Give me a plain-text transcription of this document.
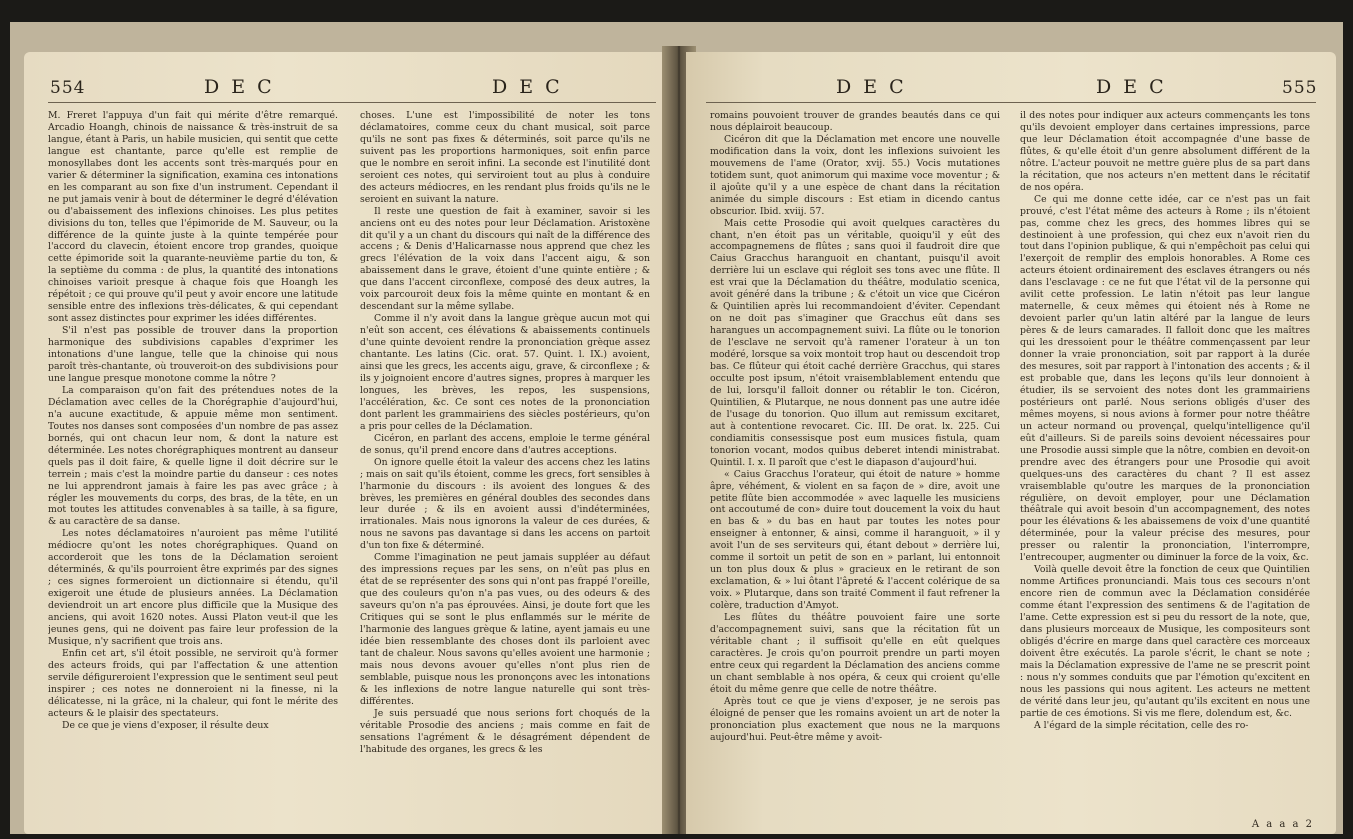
554	D E C	D E C

M. Freret l'appuya d'un fait qui mérite d'être remarqué. Arcadio Hoangh, chinois de naissance & très-instruit de sa langue, étant à Paris, un habile musicien, qui sentit que cette langue est chantante, parce qu'elle est remplie de monosyllabes dont les accents sont très-marqués pour en varier & déterminer la signification, examina ces intonations en les comparant au son fixe d'un instrument. Cependant il ne put jamais venir à bout de déterminer le degré d'élévation ou d'abaissement des inflexions chinoises. Les plus petites divisions du ton, telles que l'épimoride de M. Sauveur, ou la différence de la quinte juste à la quinte tempérée pour l'accord du clavecin, étoient encore trop grandes, quoique cette épimoride soit la quarante-neuvième partie du ton, & la septième du comma : de plus, la quantité des intonations chinoises varioit presque à chaque fois que Hoangh les répétoit ; ce qui prouve qu'il peut y avoir encore une latitude sensible entre des inflexions très-délicates, & qui cependant sont assez distinctes pour exprimer les idées différentes.

S'il n'est pas possible de trouver dans la proportion harmonique des subdivisions capables d'exprimer les intonations d'une langue, telle que la chinoise qui nous paroît très-chantante, où trouveroit-on des subdivisions pour une langue presque monotone comme la nôtre ?

La comparaison qu'on fait des prétendues notes de la Déclamation avec celles de la Chorégraphie d'aujourd'hui, n'a aucune exactitude, & appuie même mon sentiment. Toutes nos danses sont composées d'un nombre de pas assez bornés, qui ont chacun leur nom, & dont la nature est déterminée. Les notes chorégraphiques montrent au danseur quels pas il doit faire, & quelle ligne il doit décrire sur le terrein ; mais c'est la moindre partie du danseur : ces notes ne lui apprendront jamais à faire les pas avec grâce ; à régler les mouvements du corps, des bras, de la tête, en un mot toutes les attitudes convenables à sa taille, à sa figure, & au caractère de sa danse.

Les notes déclamatoires n'auroient pas même l'utilité médiocre qu'ont les notes chorégraphiques. Quand on accorderoit que les tons de la Déclamation seroient déterminés, & qu'ils pourroient être exprimés par des signes ; ces signes formeroient un dictionnaire si étendu, qu'il exigeroit une étude de plusieurs années. La Déclamation deviendroit un art encore plus difficile que la Musique des anciens, qui avoit 1620 notes. Aussi Platon veut-il que les jeunes gens, qui ne doivent pas faire leur profession de la Musique, n'y sacrifient que trois ans.

Enfin cet art, s'il étoit possible, ne serviroit qu'à former des acteurs froids, qui par l'affectation & une attention servile défigureroient l'expression que le sentiment seul peut inspirer ; ces notes ne donneroient ni la finesse, ni la délicatesse, ni la grâce, ni la chaleur, qui font le mérite des acteurs & le plaisir des spectateurs.

De ce que je viens d'exposer, il résulte deux

choses. L'une est l'impossibilité de noter les tons déclamatoires, comme ceux du chant musical, soit parce qu'ils ne sont pas fixes & déterminés, soit parce qu'ils ne suivent pas les proportions harmoniques, soit enfin parce que le nombre en seroit infini. La seconde est l'inutilité dont seroient ces notes, qui serviroient tout au plus à conduire des acteurs médiocres, en les rendant plus froids qu'ils ne le seroient en suivant la nature.

Il reste une question de fait à examiner, savoir si les anciens ont eu des notes pour leur Déclamation. Aristoxène dit qu'il y a un chant du discours qui naît de la différence des accens ; & Denis d'Halicarnasse nous apprend que chez les grecs l'élévation de la voix dans l'accent aigu, & son abaissement dans le grave, étoient d'une quinte entière ; & que dans l'accent circonflexe, composé des deux autres, la voix parcouroit deux fois la même quinte en montant & en descendant sur la même syllabe.

Comme il n'y avoit dans la langue grèque aucun mot qui n'eût son accent, ces élévations & abaissements continuels d'une quinte devoient rendre la prononciation grèque assez chantante. Les latins (Cic. orat. 57. Quint. l. IX.) avoient, ainsi que les grecs, les accents aigu, grave, & circonflexe ; & ils y joignoient encore d'autres signes, propres à marquer les longues, les brèves, les repos, les suspensions, l'accélération, &c. Ce sont ces notes de la prononciation dont parlent les grammairiens des siècles postérieurs, qu'on a pris pour celles de la Déclamation.

Cicéron, en parlant des accens, emploie le terme général de sonus, qu'il prend encore dans d'autres acceptions.

On ignore quelle étoit la valeur des accens chez les latins ; mais on sait qu'ils étoient, comme les grecs, fort sensibles à l'harmonie du discours : ils avoient des longues & des brèves, les premières en général doubles des secondes dans leur durée ; & ils en avoient aussi d'indéterminées, irrationales. Mais nous ignorons la valeur de ces durées, & nous ne savons pas davantage si dans les accens on partoit d'un ton fixe & déterminé.

Comme l'imagination ne peut jamais suppléer au défaut des impressions reçues par les sens, on n'eût pas plus en état de se représenter des sons qui n'ont pas frappé l'oreille, que des couleurs qu'on n'a pas vues, ou des odeurs & des saveurs qu'on n'a pas éprouvées. Ainsi, je doute fort que les Critiques qui se sont le plus enflammés sur le mérite de l'harmonie des langues grèque & latine, ayent jamais eu une idée bien ressemblante des choses dont ils parloient avec tant de chaleur. Nous savons qu'elles avoient une harmonie ; mais nous devons avouer qu'elles n'ont plus rien de semblable, puisque nous les prononçons avec les intonations & les inflexions de notre langue naturelle qui sont très-différentes.

Je suis persuadé que nous serions fort choqués de la véritable Prosodie des anciens ; mais comme en fait de sensations l'agrément & le désagrément dépendent de l'habitude des organes, les grecs & les

D E C	D E C	555

romains pouvoient trouver de grandes beautés dans ce qui nous déplairoit beaucoup.

Cicéron dit que la Déclamation met encore une nouvelle modification dans la voix, dont les inflexions suivoient les mouvemens de l'ame (Orator, xvij. 55.) Vocis mutationes totidem sunt, quot animorum qui maxime voce moventur ; & il ajoûte qu'il y a une espèce de chant dans la récitation animée du simple discours : Est etiam in dicendo cantus obscurior. Ibid. xviij. 57.

Mais cette Prosodie qui avoit quelques caractères du chant, n'en étoit pas un véritable, quoiqu'il y eût des accompagnemens de flûtes ; sans quoi il faudroit dire que Caius Gracchus haranguoit en chantant, puisqu'il avoit derrière lui un esclave qui régloit ses tons avec une flûte. Il est vrai que la Déclamation du théâtre, modulatio scenica, avoit généré dans la tribune ; & c'étoit un vice que Cicéron & Quintilien après lui recommandoient d'éviter. Cependant on ne doit pas s'imaginer que Gracchus eût dans ses harangues un accompagnement suivi. La flûte ou le tonorion de l'esclave ne servoit qu'à ramener l'orateur à un ton modéré, lorsque sa voix montoit trop haut ou descendoit trop bas. Ce flûteur qui étoit caché derrière Gracchus, qui stares occulte post ipsum, n'étoit vraisemblablement entendu que de lui, lorsqu'il falloit donner ou rétablir le ton. Cicéron, Quintilien, & Plutarque, ne nous donnent pas une autre idée de l'usage du tonorion. Quo illum aut remissum excitaret, aut à contentione revocaret. Cic. III. De orat. lx. 225. Cui condiamitis consessisque post eum musices fistula, quam tonorion vocant, modos quibus deberet intendi ministrabat. Quintil. I. x. Il paroît que c'est le diapason d'aujourd'hui.

« Caius Gracchus l'orateur, qui étoit de nature » homme âpre, véhément, & violent en sa façon de » dire, avoit une petite flûte bien accommodée » avec laquelle les musiciens ont accoutumé de con» duire tout doucement la voix du haut en bas & » du bas en haut par toutes les notes pour enseigner à entonner, & ainsi, comme il haranguoit, » il y avoit l'un de ses serviteurs qui, étant debout » derrière lui, comme il sortoit un petit de son en » parlant, lui entonnoit un ton plus doux & plus » gracieux en le retirant de son exclamation, & » lui ôtant l'âpreté & l'accent colérique de sa voix. » Plutarque, dans son traité Comment il faut refrener la colère, traduction d'Amyot.

Les flûtes du théâtre pouvoient faire une sorte d'accompagnement suivi, sans que la récitation fût un véritable chant ; il suffisoit qu'elle en eût quelques caractères. Je crois qu'on pourroit prendre un parti moyen entre ceux qui regardent la Déclamation des anciens comme un chant semblable à nos opéra, & ceux qui croient qu'elle étoit du même genre que celle de notre théâtre.

Après tout ce que je viens d'exposer, je ne serois pas éloigné de penser que les romains avoient un art de noter la prononciation plus exactement que nous ne la marquons aujourd'hui. Peut-être même y avoit-

il des notes pour indiquer aux acteurs commençants les tons qu'ils devoient employer dans certaines impressions, parce que leur Déclamation étoit accompagnée d'une basse de flûtes, & qu'elle étoit d'un genre absolument différent de la nôtre. L'acteur pouvoit ne mettre guère plus de sa part dans la récitation, que nos acteurs n'en mettent dans le récitatif de nos opéra.

Ce qui me donne cette idée, car ce n'est pas un fait prouvé, c'est l'état même des acteurs à Rome ; ils n'étoient pas, comme chez les grecs, des hommes libres qui se destinoient à une profession, qui chez eux n'avoit rien du tout dans l'opinion publique, & qui n'empêchoit pas celui qui l'exerçoit de remplir des emplois honorables. A Rome ces acteurs étoient ordinairement des esclaves étrangers ou nés dans l'esclavage : ce ne fut que l'état vil de la personne qui avilit cette profession. Le latin n'étoit pas leur langue maternelle, & ceux mêmes qui étoient nés à Rome ne devoient parler qu'un latin altéré par la langue de leurs pères & de leurs camarades. Il falloit donc que les maîtres qui les dressoient pour le théâtre commençassent par leur donner la vraie prononciation, soit par rapport à la durée des mesures, soit par rapport à l'intonation des accents ; & il est probable que, dans les leçons qu'ils leur donnoient à étudier, ils se servoient des notes dont les grammairiens postérieurs ont parlé. Nous serions obligés d'user des mêmes moyens, si nous avions à former pour notre théâtre un acteur normand ou provençal, quelqu'intelligence qu'il eût d'ailleurs. Si de pareils soins devoient nécessaires pour une Prosodie aussi simple que la nôtre, combien en devoit-on prendre avec des étrangers pour une Prosodie qui avoit quelques-uns des caractères du chant ? Il est assez vraisemblable qu'outre les marques de la prononciation régulière, on devoit employer, pour une Déclamation théâtrale qui avoit besoin d'un accompagnement, des notes pour les élévations & les abaissemens de voix d'une quantité déterminée, pour la valeur précise des mesures, pour presser ou ralentir la prononciation, l'interrompre, l'entrecouper, augmenter ou diminuer la force de la voix, &c.

Voilà quelle devoit être la fonction de ceux que Quintilien nomme Artifices pronunciandi. Mais tous ces secours n'ont encore rien de commun avec la Déclamation considérée comme étant l'expression des sentimens & de l'agitation de l'ame. Cette expression est si peu du ressort de la note, que, dans plusieurs morceaux de Musique, les compositeurs sont obligés d'écrire en marge dans quel caractère ces morceaux doivent être exécutés. La parole s'écrit, le chant se note ; mais la Déclamation expressive de l'ame ne se prescrit point : nous n'y sommes conduits que par l'émotion qu'excitent en nous les passions qui nous agitent. Les acteurs ne mettent de vérité dans leur jeu, qu'autant qu'ils excitent en nous une partie de ces émotions. Si vis me flere, dolendum est, &c.

A l'égard de la simple récitation, celle des ro-

A a a a 2
